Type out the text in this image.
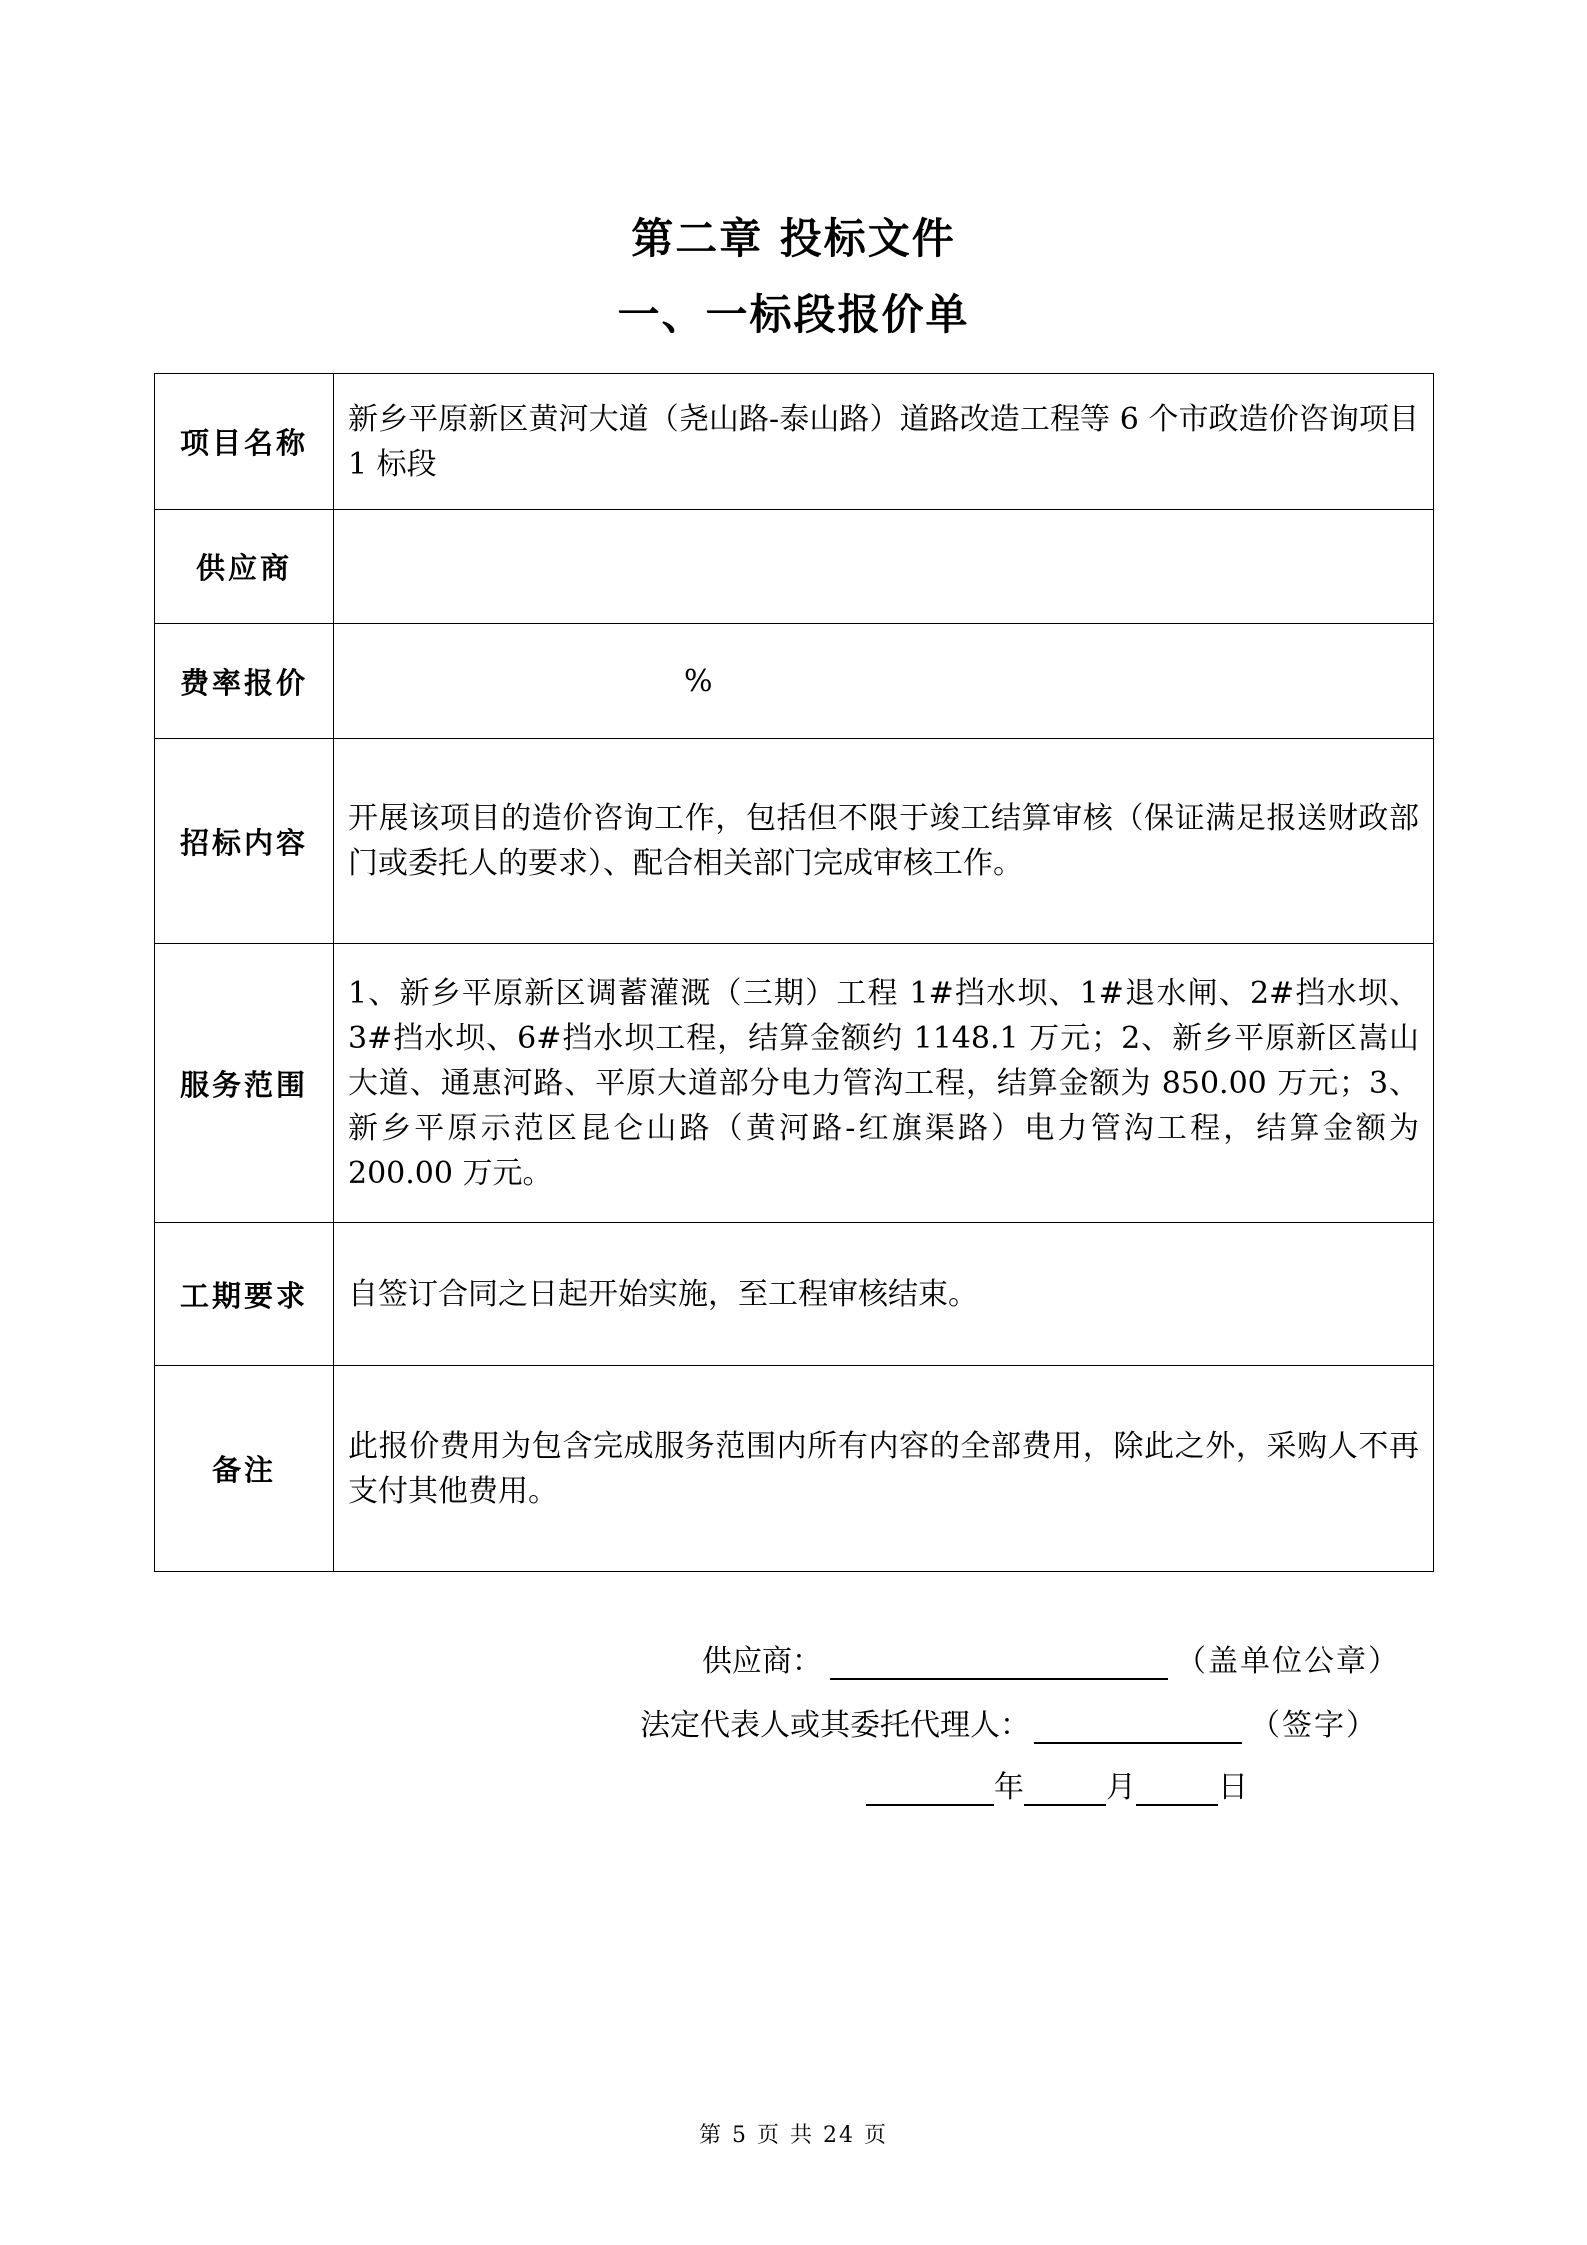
第二章 投标文件
一、一标段报价单
项目名称	新乡平原新区黄河大道（尧山路-泰山路）道路改造工程等 6 个市政造价咨询项目 1 标段
供应商	
费率报价	%
招标内容	开展该项目的造价咨询工作，包括但不限于竣工结算审核（保证满足报送财政部门或委托人的要求）、配合相关部门完成审核工作。
服务范围	1、新乡平原新区调蓄灌溉（三期）工程 1#挡水坝、1#退水闸、2#挡水坝、3#挡水坝、6#挡水坝工程，结算金额约 1148.1 万元；2、新乡平原新区嵩山大道、通惠河路、平原大道部分电力管沟工程，结算金额为 850.00 万元；3、新乡平原示范区昆仑山路（黄河路-红旗渠路）电力管沟工程，结算金额为 200.00 万元。
工期要求	自签订合同之日起开始实施，至工程审核结束。
备注	此报价费用为包含完成服务范围内所有内容的全部费用，除此之外，采购人不再支付其他费用。
供应商：	（盖单位公章）
法定代表人或其委托代理人：	（签字）
年	月	日
第 5 页 共 24 页
